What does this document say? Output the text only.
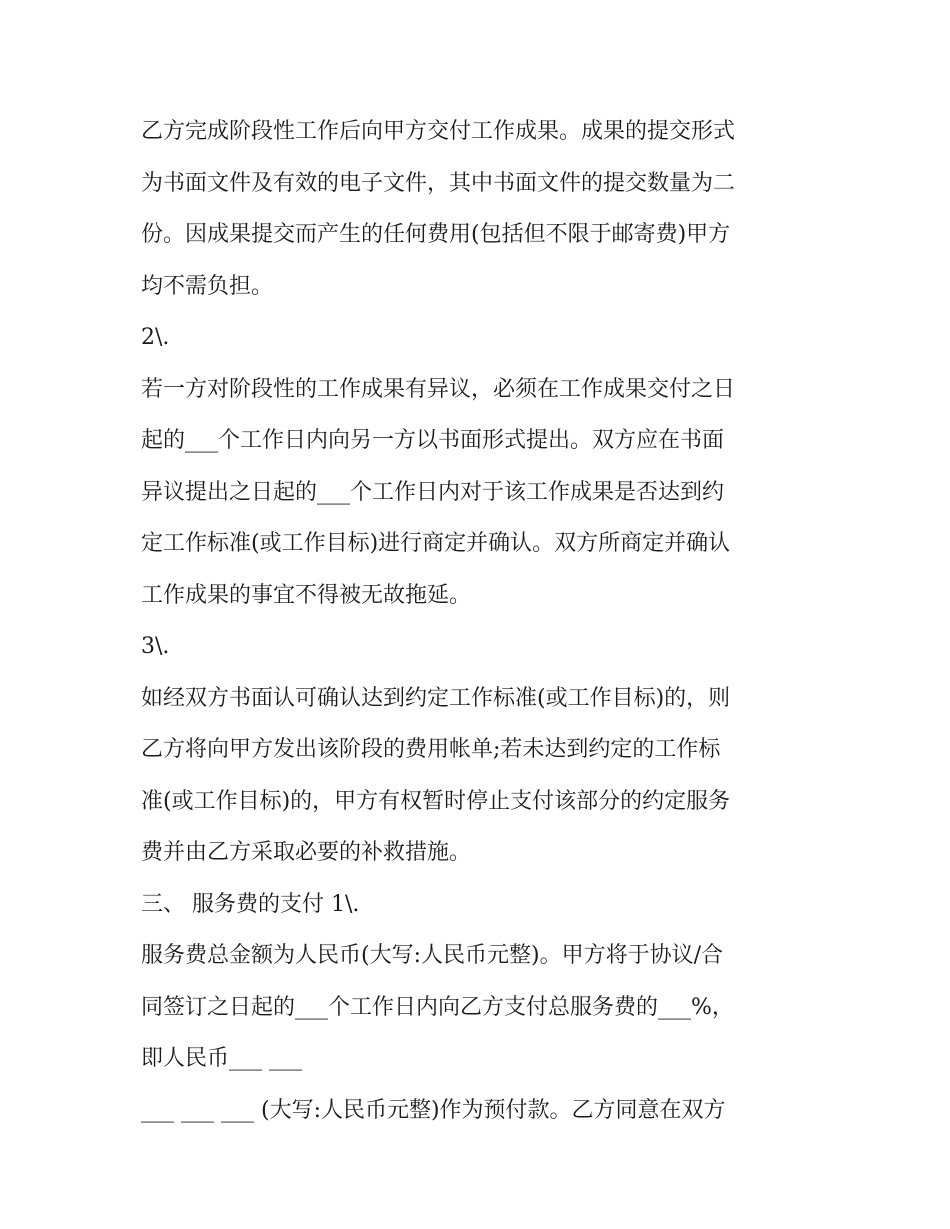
乙方完成阶段性工作后向甲方交付工作成果。成果的提交形式
为书面文件及有效的电子文件，其中书面文件的提交数量为二
份。因成果提交而产生的任何费用(包括但不限于邮寄费)甲方
均不需负担。
2\.
若一方对阶段性的工作成果有异议，必须在工作成果交付之日
起的___个工作日内向另一方以书面形式提出。双方应在书面
异议提出之日起的___个工作日内对于该工作成果是否达到约
定工作标准(或工作目标)进行商定并确认。双方所商定并确认
工作成果的事宜不得被无故拖延。
3\.
如经双方书面认可确认达到约定工作标准(或工作目标)的，则
乙方将向甲方发出该阶段的费用帐单;若未达到约定的工作标
准(或工作目标)的，甲方有权暂时停止支付该部分的约定服务
费并由乙方采取必要的补救措施。
三、 服务费的支付 1\.
服务费总金额为人民币(大写:人民币元整)。甲方将于协议/合
同签订之日起的___个工作日内向乙方支付总服务费的___%，
即人民币___ ___
___ ___ ___ (大写:人民币元整)作为预付款。乙方同意在双方
